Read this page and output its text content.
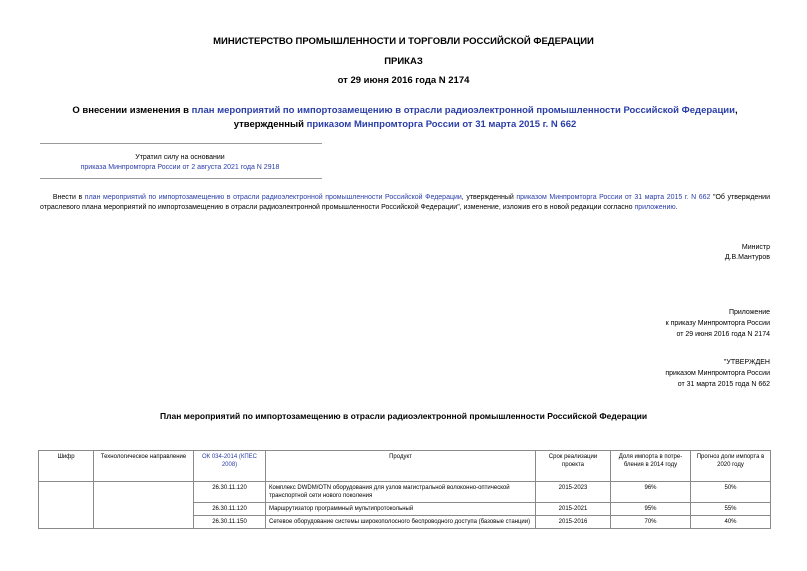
МИНИСТЕРСТВО ПРОМЫШЛЕННОСТИ И ТОРГОВЛИ РОССИЙСКОЙ ФЕДЕРАЦИИ
ПРИКАЗ
от 29 июня 2016 года N 2174
О внесении изменения в план мероприятий по импортозамещению в отрасли радиоэлектронной промышленности Российской Федерации, утвержденный приказом Минпромторга России от 31 марта 2015 г. N 662
Утратил силу на основании
приказа Минпромторга России от 2 августа 2021 года N 2918
Внести в план мероприятий по импортозамещению в отрасли радиоэлектронной промышленности Российской Федерации, утвержденный приказом Минпромторга России от 31 марта 2015 г. N 662 "Об утверждении отраслевого плана мероприятий по импортозамещению в отрасли радиоэлектронной промышленности Российской Федерации", изменение, изложив его в новой редакции согласно приложению.
Министр
Д.В.Мантуров
Приложение
к приказу Минпромторга России
от 29 июня 2016 года N 2174
"УТВЕРЖДЕН
приказом Минпромторга России
от 31 марта 2015 года N 662
План мероприятий по импортозамещению в отрасли радиоэлектронной промышленности Российской Федерации
Шифр	Технологическое направление	ОК 034-2014 (КПЕС 2008)	Продукт	Срок реализации проекта	Доля импорта в потре-бления в 2014 году	Прогноз доли импорта в 2020 году
		26.30.11.120	Комплекс DWDM/OTN оборудования для узлов магистральной волоконно-оптической транспортной сети нового поколения	2015-2023	96%	50%
		26.30.11.120	Маршрутизатор программный мультипротокольный	2015-2021	95%	55%
		26.30.11.150	Сетевое оборудование системы широкополосного беспроводного доступа (базовые станции)	2015-2016	70%	40%
